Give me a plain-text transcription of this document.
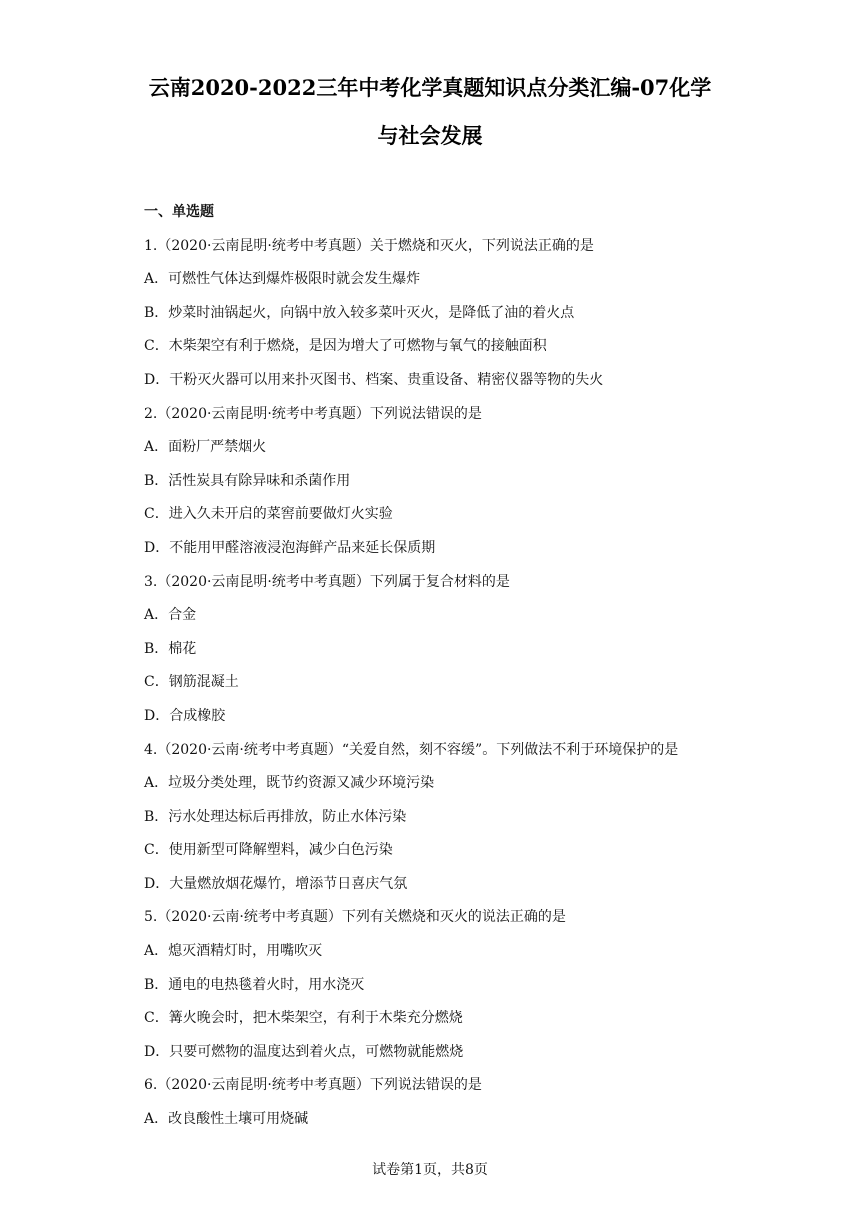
云南2020-2022三年中考化学真题知识点分类汇编-07化学
与社会发展
一、单选题
1.（2020·云南昆明·统考中考真题）关于燃烧和灭火，下列说法正确的是
A．可燃性气体达到爆炸极限时就会发生爆炸
B．炒菜时油锅起火，向锅中放入较多菜叶灭火，是降低了油的着火点
C．木柴架空有利于燃烧，是因为增大了可燃物与氧气的接触面积
D．干粉灭火器可以用来扑灭图书、档案、贵重设备、精密仪器等物的失火
2.（2020·云南昆明·统考中考真题）下列说法错误的是
A．面粉厂严禁烟火
B．活性炭具有除异味和杀菌作用
C．进入久未开启的菜窖前要做灯火实验
D．不能用甲醛溶液浸泡海鲜产品来延长保质期
3.（2020·云南昆明·统考中考真题）下列属于复合材料的是
A．合金
B．棉花
C．钢筋混凝土
D．合成橡胶
4.（2020·云南·统考中考真题）“关爱自然，刻不容缓”。下列做法不利于环境保护的是
A．垃圾分类处理，既节约资源又减少环境污染
B．污水处理达标后再排放，防止水体污染
C．使用新型可降解塑料，减少白色污染
D．大量燃放烟花爆竹，增添节日喜庆气氛
5.（2020·云南·统考中考真题）下列有关燃烧和灭火的说法正确的是
A．熄灭酒精灯时，用嘴吹灭
B．通电的电热毯着火时，用水浇灭
C．篝火晚会时，把木柴架空，有利于木柴充分燃烧
D．只要可燃物的温度达到着火点，可燃物就能燃烧
6.（2020·云南昆明·统考中考真题）下列说法错误的是
A．改良酸性土壤可用烧碱
试卷第1页，共8页
